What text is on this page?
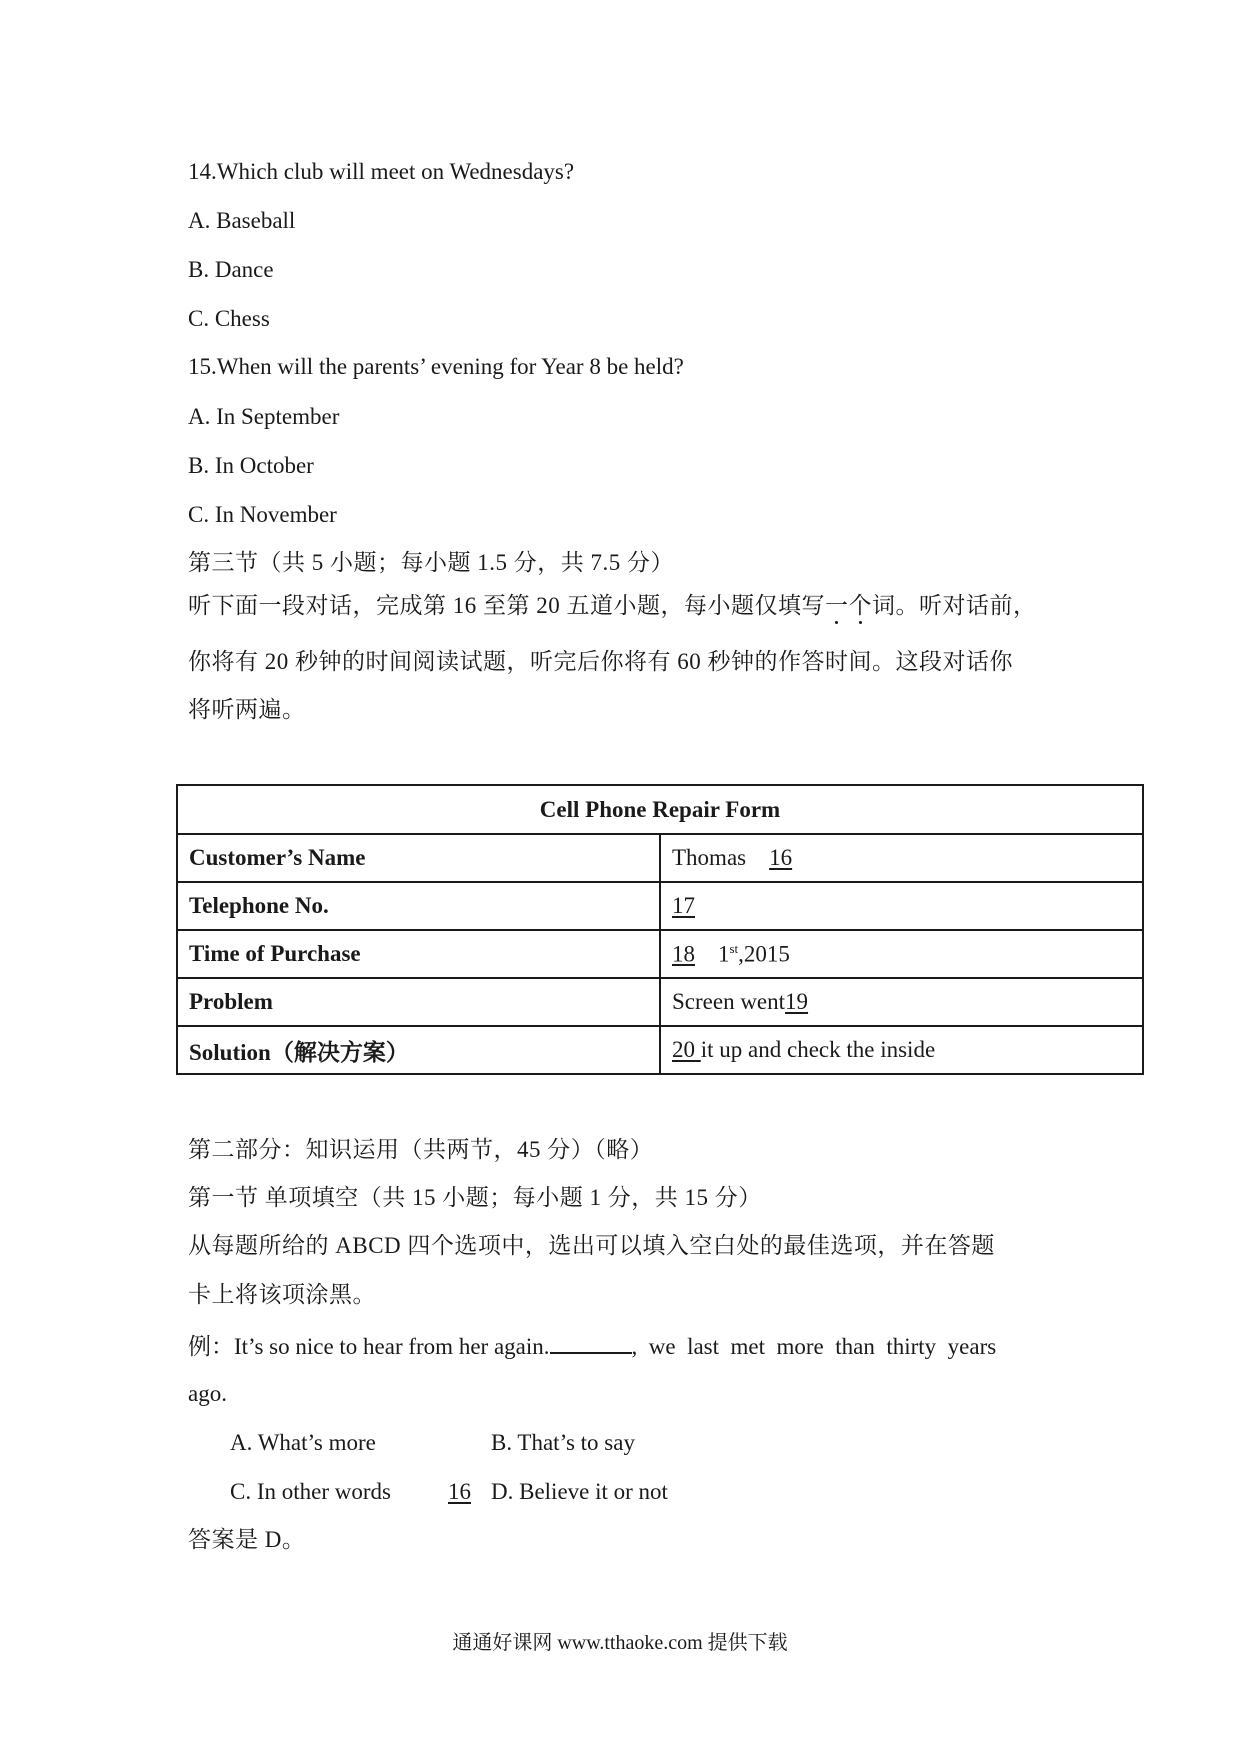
14.Which club will meet on Wednesdays?
A. Baseball
B. Dance
C. Chess
15.When will the parents’ evening for Year 8 be held?
A. In September
B. In October
C. In November
第三节（共 5 小题；每小题 1.5 分，共 7.5 分）
听下面一段对话，完成第 16 至第 20 五道小题，每小题仅填写一个词。听对话前，
你将有 20 秒钟的时间阅读试题，听完后你将有 60 秒钟的作答时间。这段对话你
将听两遍。
Cell Phone Repair Form	
Customer’s Name	Thomas    16
Telephone No.	17
Time of Purchase	18    1st,2015
Problem	Screen went19
Solution（解决方案）	20 it up and check the inside
第二部分：知识运用（共两节，45 分）（略）
第一节 单项填空（共 15 小题；每小题 1 分，共 15 分）
从每题所给的 ABCD 四个选项中，选出可以填入空白处的最佳选项，并在答题
卡上将该项涂黑。
例：It’s so nice to hear from her again.	,  we  last  met  more  than  thirty  years
ago.
A. What’s more	B. That’s to say
C. In other words 16 D. Believe it or not
答案是 D。
通通好课网 www.tthaoke.com 提供下载
